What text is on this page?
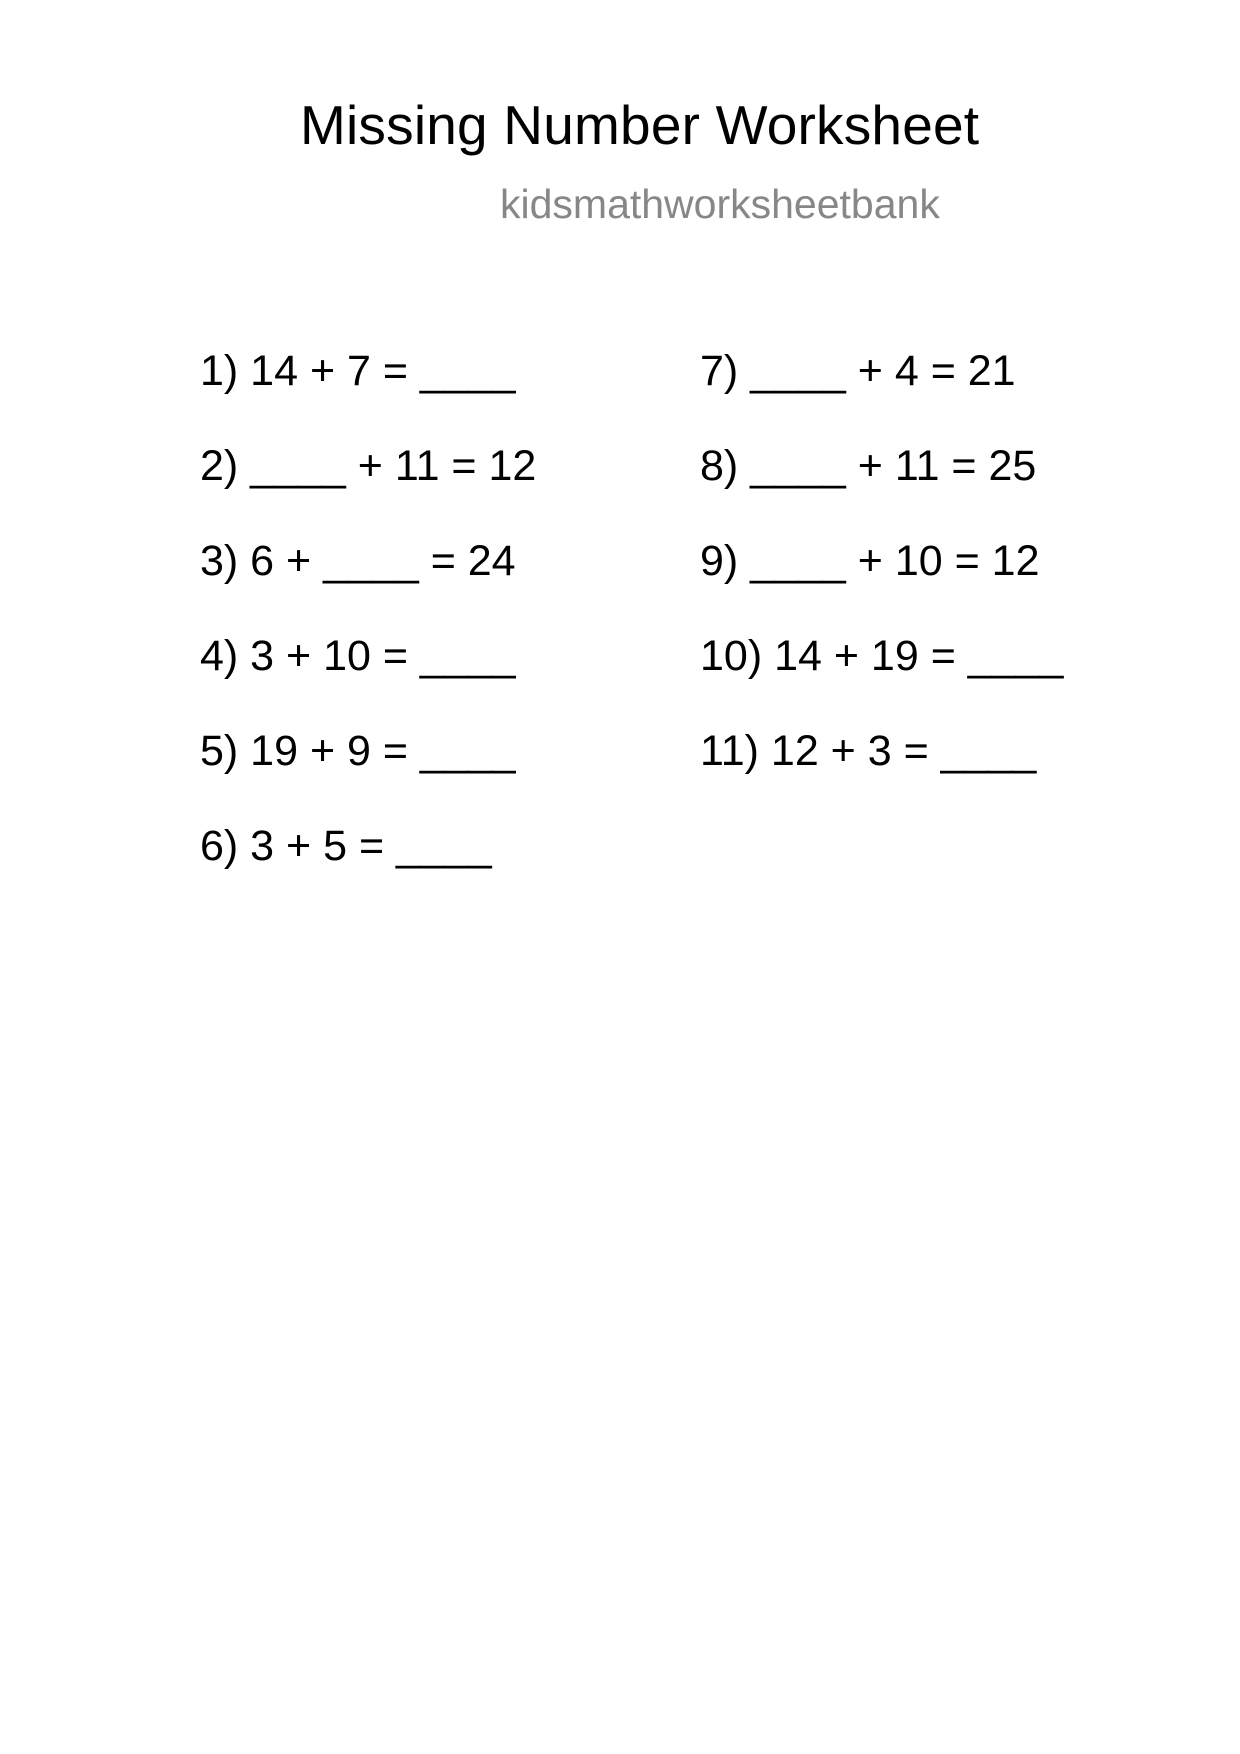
Missing Number Worksheet
kidsmathworksheetbank
1) 14 + 7 = ____
2) ____ + 11 = 12
3) 6 + ____ = 24
4) 3 + 10 = ____
5) 19 + 9 = ____
6) 3 + 5 = ____
7) ____ + 4 = 21
8) ____ + 11 = 25
9) ____ + 10 = 12
10) 14 + 19 = ____
11) 12 + 3 = ____
